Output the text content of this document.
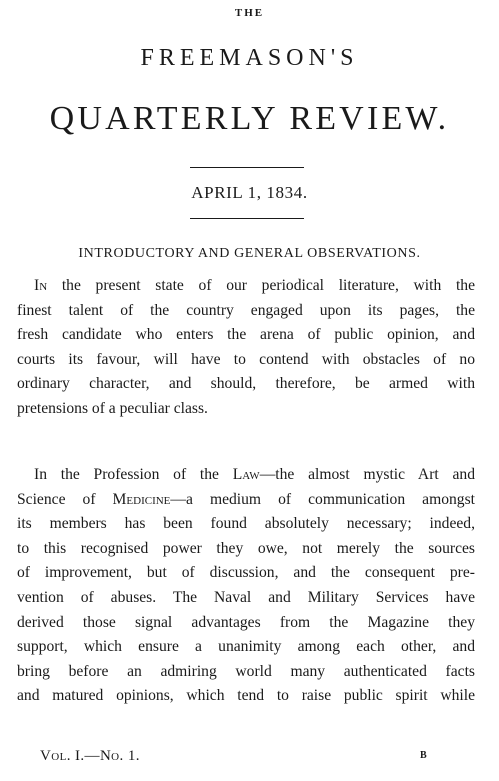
THE
FREEMASON'S
QUARTERLY REVIEW.
APRIL 1, 1834.
INTRODUCTORY AND GENERAL OBSERVATIONS.
In the present state of our periodical literature, with the
finest talent of the country engaged upon its pages, the
fresh candidate who enters the arena of public opinion, and
courts its favour, will have to contend with obstacles of no
ordinary character, and should, therefore, be armed with
pretensions of a peculiar class.
In the Profession of the Law—the almost mystic Art and
Science of Medicine—a medium of communication amongst
its members has been found absolutely necessary; indeed,
to this recognised power they owe, not merely the sources
of improvement, but of discussion, and the consequent pre-
vention of abuses. The Naval and Military Services have
derived those signal advantages from the Magazine they
support, which ensure a unanimity among each other, and
bring before an admiring world many authenticated facts
and matured opinions, which tend to raise public spirit while
Vol. I.—No. 1.	B
